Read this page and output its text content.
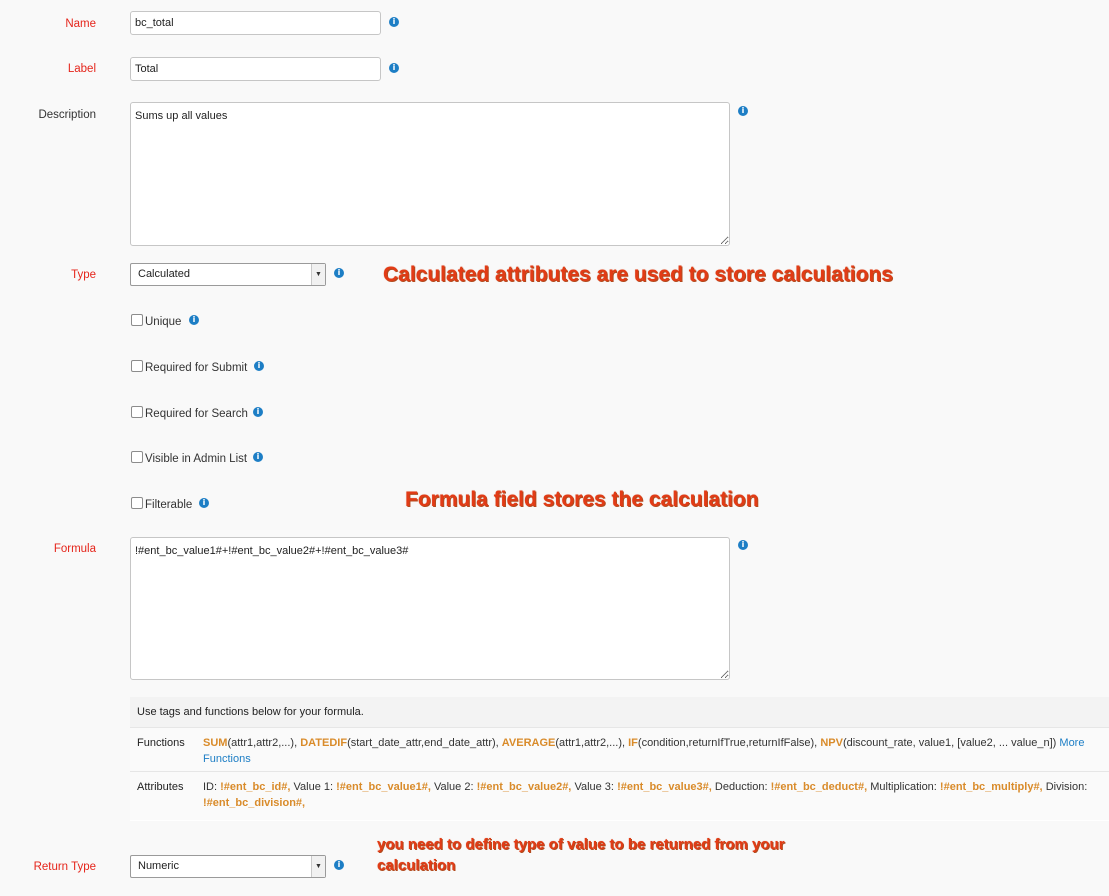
Name
bc_total	i
Label
Total	i
Description
Sums up all values	i
Type	Calculated	▼	i Calculated attributes are used to store calculations
Unique	i
Required for Submit	i
Required for Search	i
Visible in Admin List	i
Filterable	i	Formula field stores the calculation
Formula
!#ent_bc_value1#+!#ent_bc_value2#+!#ent_bc_value3#	i
Use tags and functions below for your formula.
Functions SUM(attr1,attr2,...), DATEDIF(start_date_attr,end_date_attr), AVERAGE(attr1,attr2,...), IF(condition,returnIfTrue,returnIfFalse), NPV(discount_rate, value1, [value2, ... value_n]) More Functions
Attributes ID: !#ent_bc_id#, Value 1: !#ent_bc_value1#, Value 2: !#ent_bc_value2#, Value 3: !#ent_bc_value3#, Deduction: !#ent_bc_deduct#, Multiplication: !#ent_bc_multiply#, Division: !#ent_bc_division#,
you need to define type of value to be returned from your calculation
Return Type	Numeric	▼	i
